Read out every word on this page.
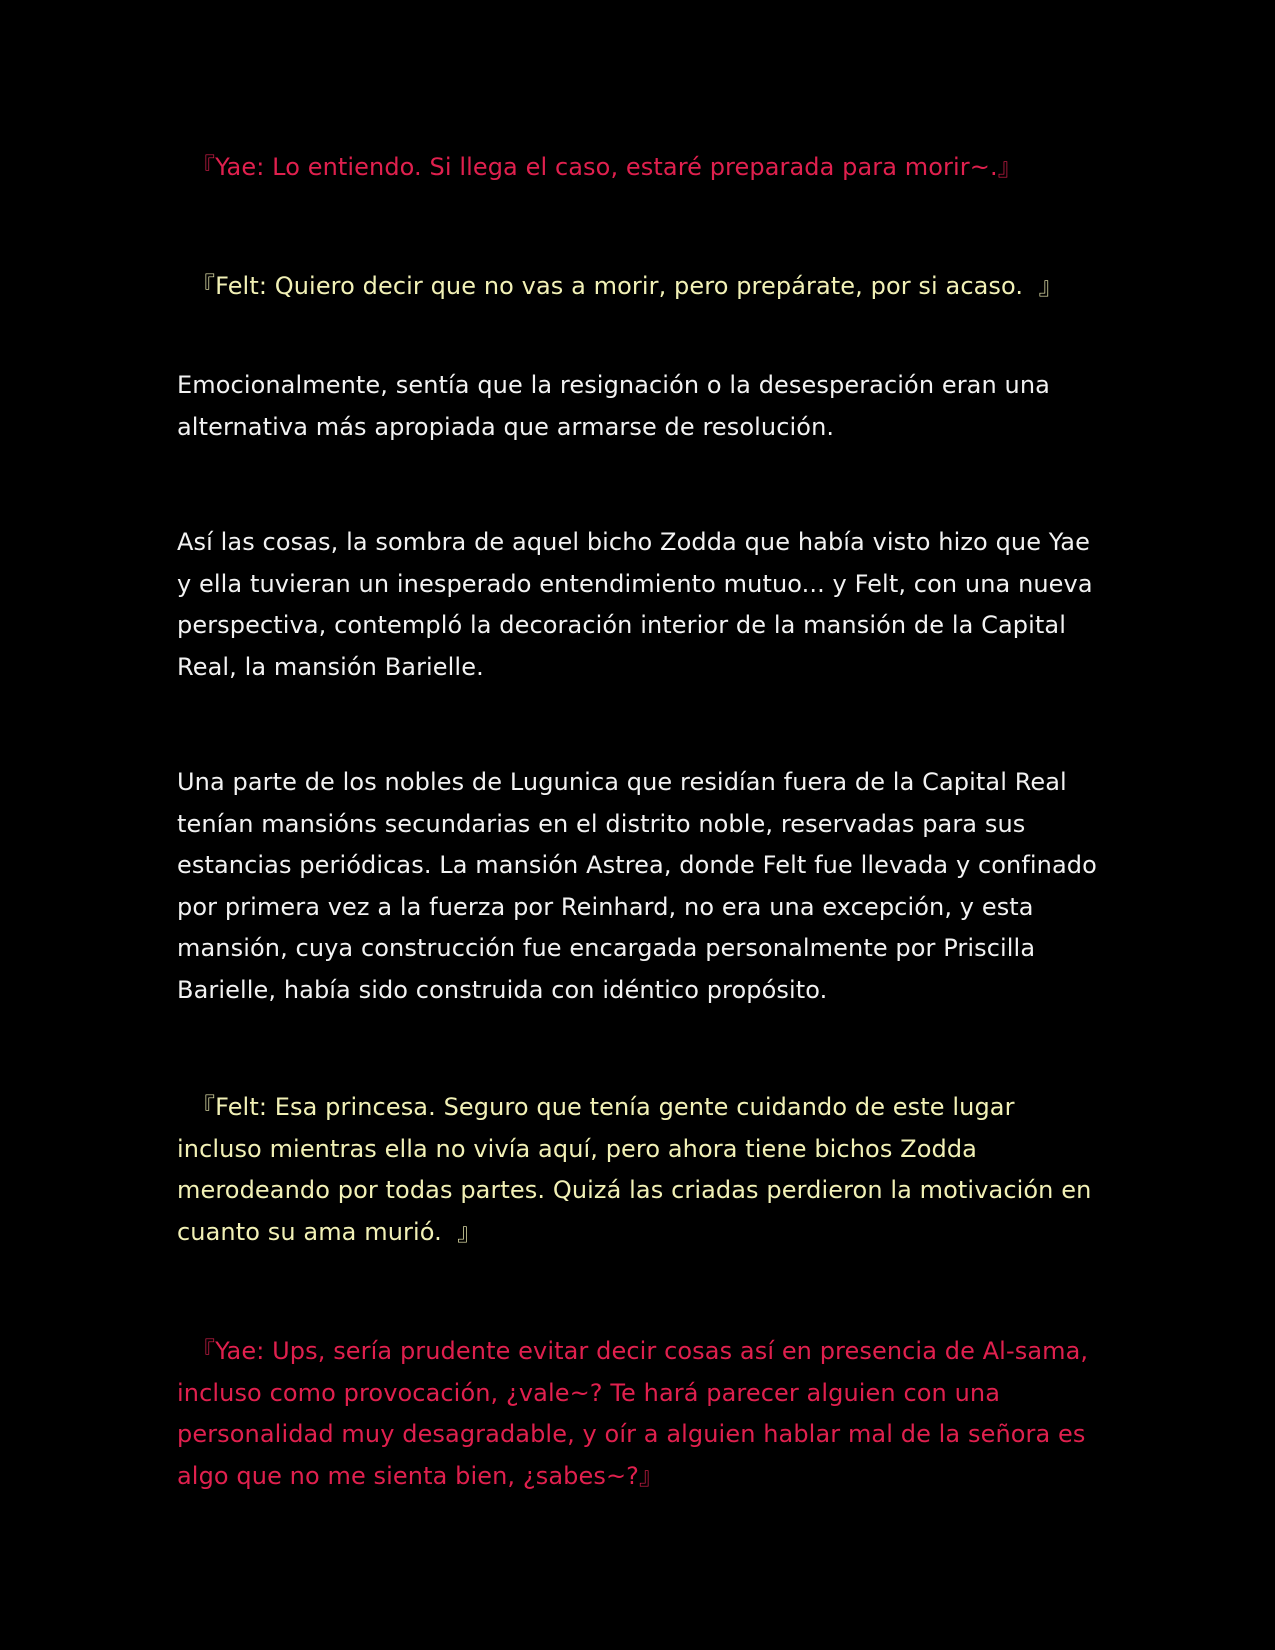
『Yae: Lo entiendo. Si llega el caso, estaré preparada para morir~.』

『Felt: Quiero decir que no vas a morir, pero prepárate, por si acaso.  』

Emocionalmente, sentía que la resignación o la desesperación eran una alternativa más apropiada que armarse de resolución.

Así las cosas, la sombra de aquel bicho Zodda que había visto hizo que Yae y ella tuvieran un inesperado entendimiento mutuo... y Felt, con una nueva perspectiva, contempló la decoración interior de la mansión de la Capital Real, la mansión Barielle.

Una parte de los nobles de Lugunica que residían fuera de la Capital Real tenían mansións secundarias en el distrito noble, reservadas para sus estancias periódicas. La mansión Astrea, donde Felt fue llevada y confinado por primera vez a la fuerza por Reinhard, no era una excepción, y esta mansión, cuya construcción fue encargada personalmente por Priscilla Barielle, había sido construida con idéntico propósito.

『Felt: Esa princesa. Seguro que tenía gente cuidando de este lugar incluso mientras ella no vivía aquí, pero ahora tiene bichos Zodda merodeando por todas partes. Quizá las criadas perdieron la motivación en cuanto su ama murió.  』

『Yae: Ups, sería prudente evitar decir cosas así en presencia de Al-sama, incluso como provocación, ¿vale~? Te hará parecer alguien con una personalidad muy desagradable, y oír a alguien hablar mal de la señora es algo que no me sienta bien, ¿sabes~?』
